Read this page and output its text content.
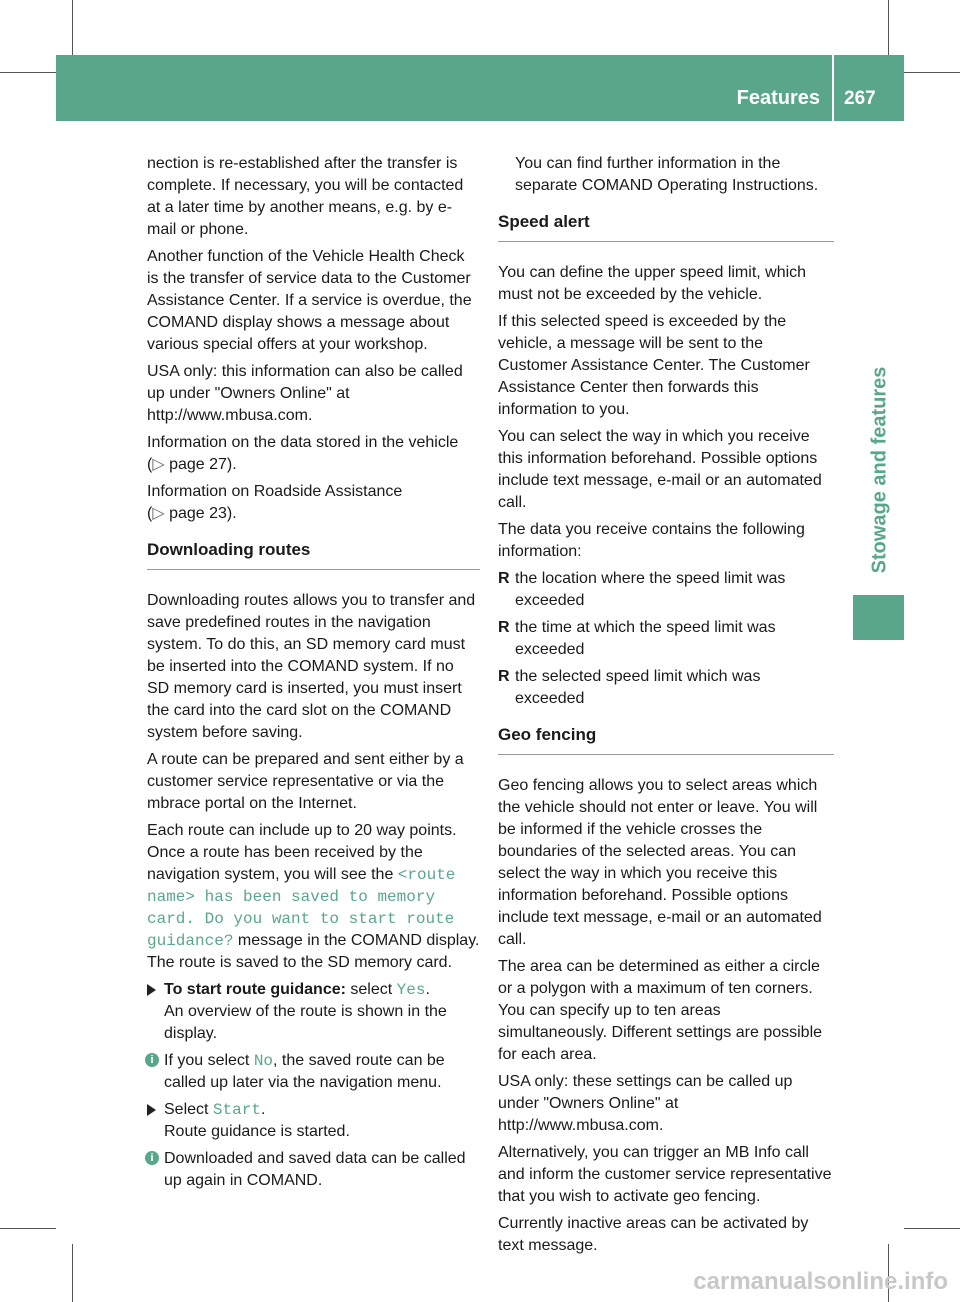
Features 267
Stowage and features

nection is re-established after the transfer is complete. If necessary, you will be contacted at a later time by another means, e.g. by e-mail or phone.

Another function of the Vehicle Health Check is the transfer of service data to the Customer Assistance Center. If a service is overdue, the COMAND display shows a message about various special offers at your workshop.

USA only: this information can also be called up under "Owners Online" at http://www.mbusa.com.

Information on the data stored in the vehicle
(▷ page 27).

Information on Roadside Assistance
(▷ page 23).

Downloading routes

Downloading routes allows you to transfer and save predefined routes in the navigation system. To do this, an SD memory card must be inserted into the COMAND system. If no SD memory card is inserted, you must insert the card into the card slot on the COMAND system before saving.

A route can be prepared and sent either by a customer service representative or via the mbrace portal on the Internet.

Each route can include up to 20 way points.
Once a route has been received by the navigation system, you will see the <route name> has been saved to memory card. Do you want to start route guidance? message in the COMAND display. The route is saved to the SD memory card.

To start route guidance: select Yes.
An overview of the route is shown in the display.
i If you select No, the saved route can be called up later via the navigation menu.
Select Start.
Route guidance is started.
i Downloaded and saved data can be called up again in COMAND.

You can find further information in the separate COMAND Operating Instructions.

Speed alert

You can define the upper speed limit, which must not be exceeded by the vehicle.

If this selected speed is exceeded by the vehicle, a message will be sent to the Customer Assistance Center. The Customer Assistance Center then forwards this information to you.

You can select the way in which you receive this information beforehand. Possible options include text message, e-mail or an automated call.

The data you receive contains the following information:

R the location where the speed limit was exceeded
R the time at which the speed limit was exceeded
R the selected speed limit which was exceeded
Geo fencing

Geo fencing allows you to select areas which the vehicle should not enter or leave. You will be informed if the vehicle crosses the boundaries of the selected areas. You can select the way in which you receive this information beforehand. Possible options include text message, e-mail or an automated call.

The area can be determined as either a circle or a polygon with a maximum of ten corners. You can specify up to ten areas simultaneously. Different settings are possible for each area.

USA only: these settings can be called up under "Owners Online" at http://www.mbusa.com.

Alternatively, you can trigger an MB Info call and inform the customer service representative that you wish to activate geo fencing.

Currently inactive areas can be activated by text message.

carmanualsonline.info
